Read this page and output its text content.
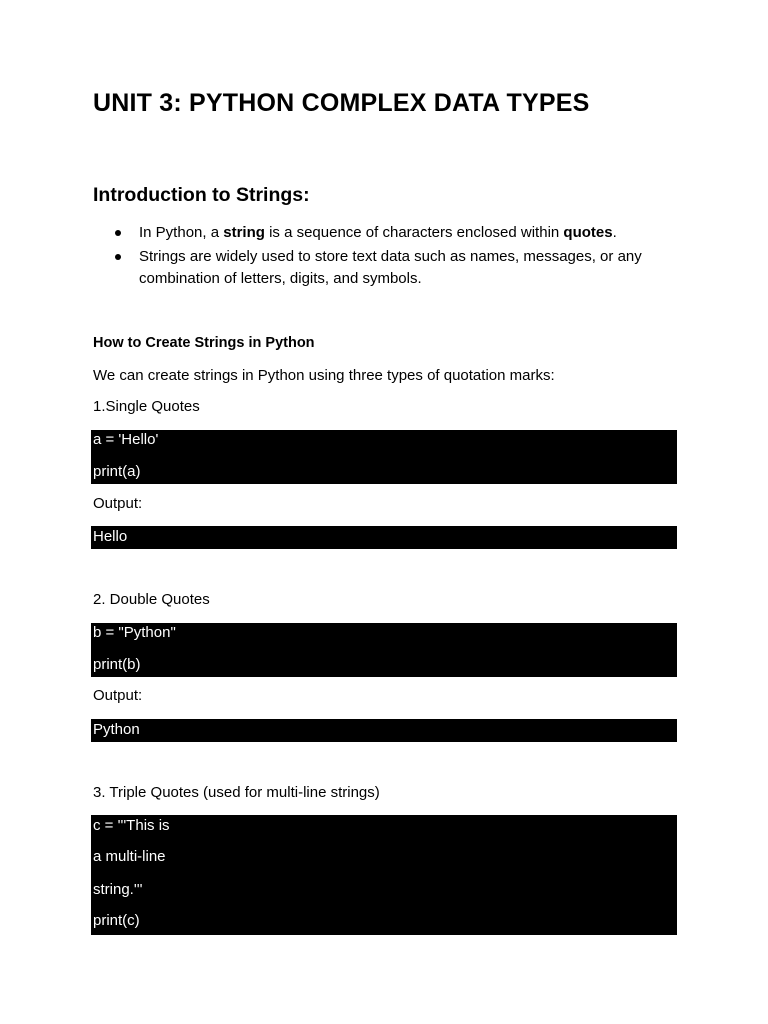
UNIT 3: PYTHON COMPLEX DATA TYPES
Introduction to Strings:
In Python, a string is a sequence of characters enclosed within quotes.
Strings are widely used to store text data such as names, messages, or any
combination of letters, digits, and symbols.
How to Create Strings in Python
We can create strings in Python using three types of quotation marks:
1.Single Quotes
a = 'Hello'
print(a)
Output:
Hello
2. Double Quotes
b = "Python"
print(b)
Output:
Python
3. Triple Quotes (used for multi-line strings)
c = '''This is
a multi-line
string.'''
print(c)
